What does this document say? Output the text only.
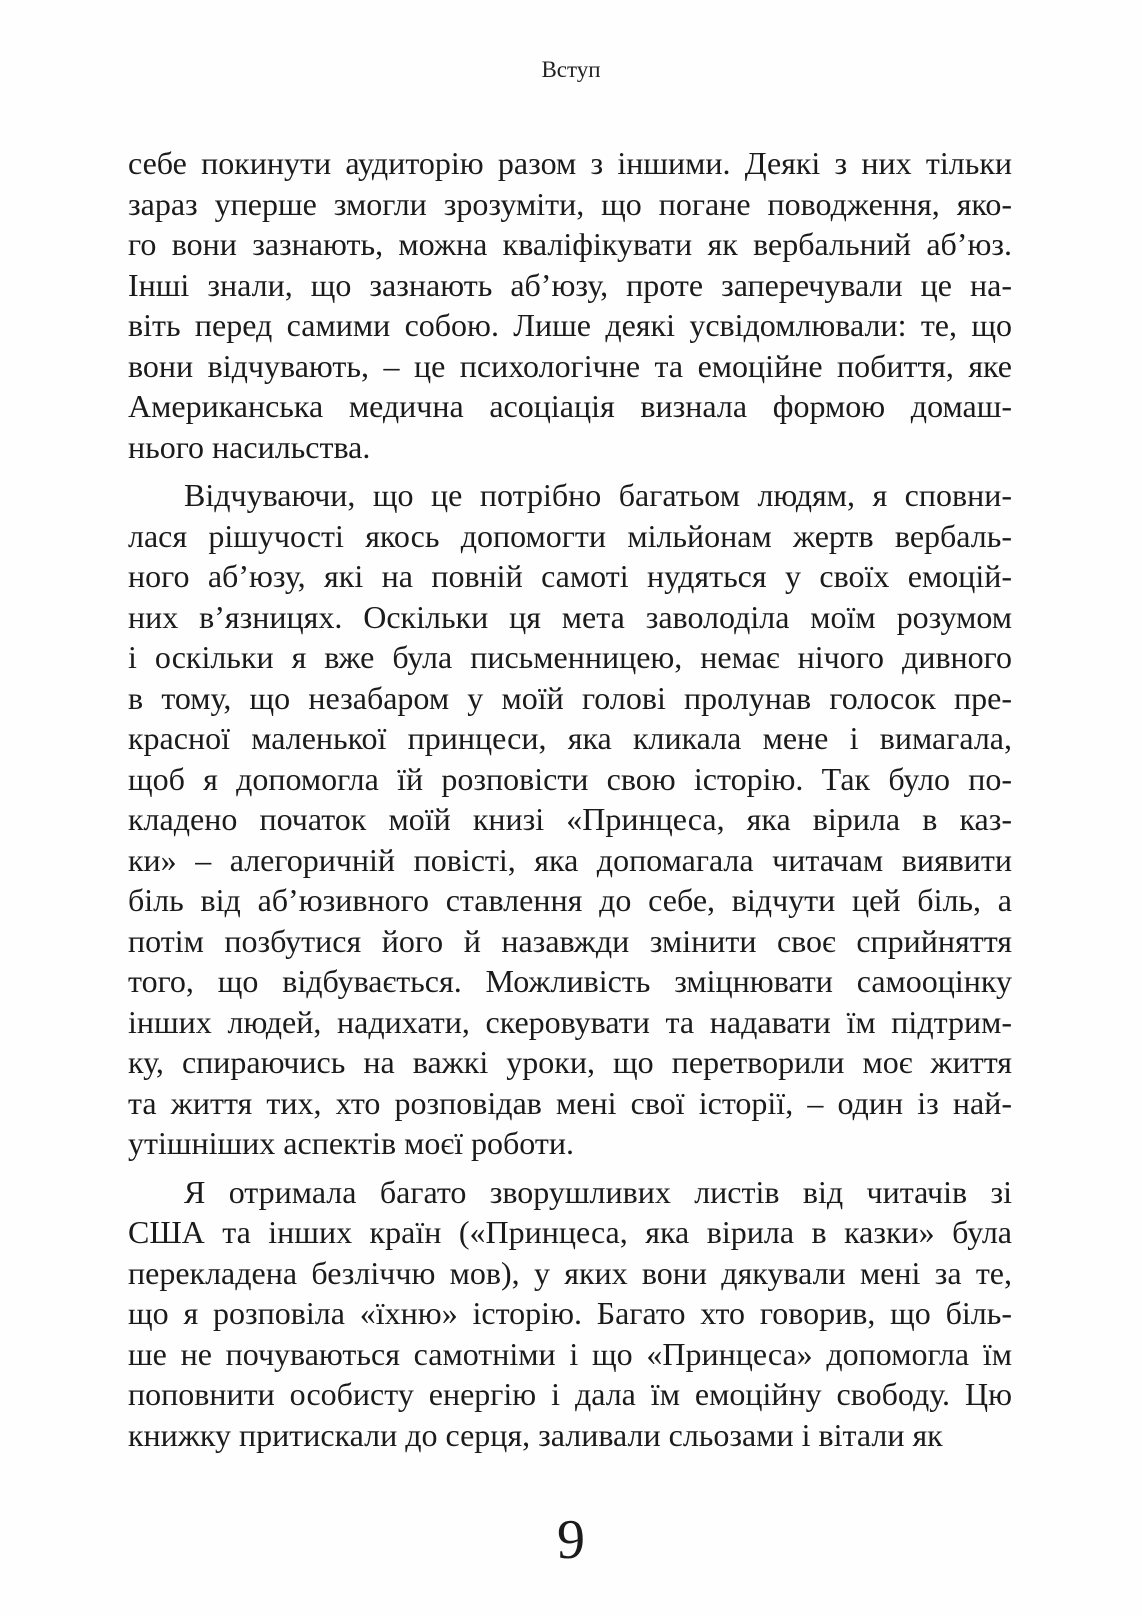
Вступ
себе покинути аудиторію разом з іншими. Деякі з них тільки
зараз уперше змогли зрозуміти, що погане поводження, яко-
го вони зазнають, можна кваліфікувати як вербальний аб’юз.
Інші знали, що зазнають аб’юзу, проте заперечували це на-
віть перед самими собою. Лише деякі усвідомлювали: те, що
вони відчувають, – це психологічне та емоційне побиття, яке
Американська медична асоціація визнала формою домаш-
нього насильства.
Відчуваючи, що це потрібно багатьом людям, я сповни-
лася рішучості якось допомогти мільйонам жертв вербаль-
ного аб’юзу, які на повній самоті нудяться у своїх емоцій-
них в’язницях. Оскільки ця мета заволоділа моїм розумом
і оскільки я вже була письменницею, немає нічого дивного
в тому, що незабаром у моїй голові пролунав голосок пре-
красної маленької принцеси, яка кликала мене і вимагала,
щоб я допомогла їй розповісти свою історію. Так було по-
кладено початок моїй книзі «Принцеса, яка вірила в каз-
ки» – алегоричній повісті, яка допомагала читачам виявити
біль від аб’юзивного ставлення до себе, відчути цей біль, а
потім позбутися його й назавжди змінити своє сприйняття
того, що відбувається. Можливість зміцнювати самооцінку
інших людей, надихати, скеровувати та надавати їм підтрим-
ку, спираючись на важкі уроки, що перетворили моє життя
та життя тих, хто розповідав мені свої історії, – один із най-
утішніших аспектів моєї роботи.
Я отримала багато зворушливих листів від читачів зі
США та інших країн («Принцеса, яка вірила в казки» була
перекладена безліччю мов), у яких вони дякували мені за те,
що я розповіла «їхню» історію. Багато хто говорив, що біль-
ше не почуваються самотніми і що «Принцеса» допомогла їм
поповнити особисту енергію і дала їм емоційну свободу. Цю
книжку притискали до серця, заливали сльозами і вітали як
9
